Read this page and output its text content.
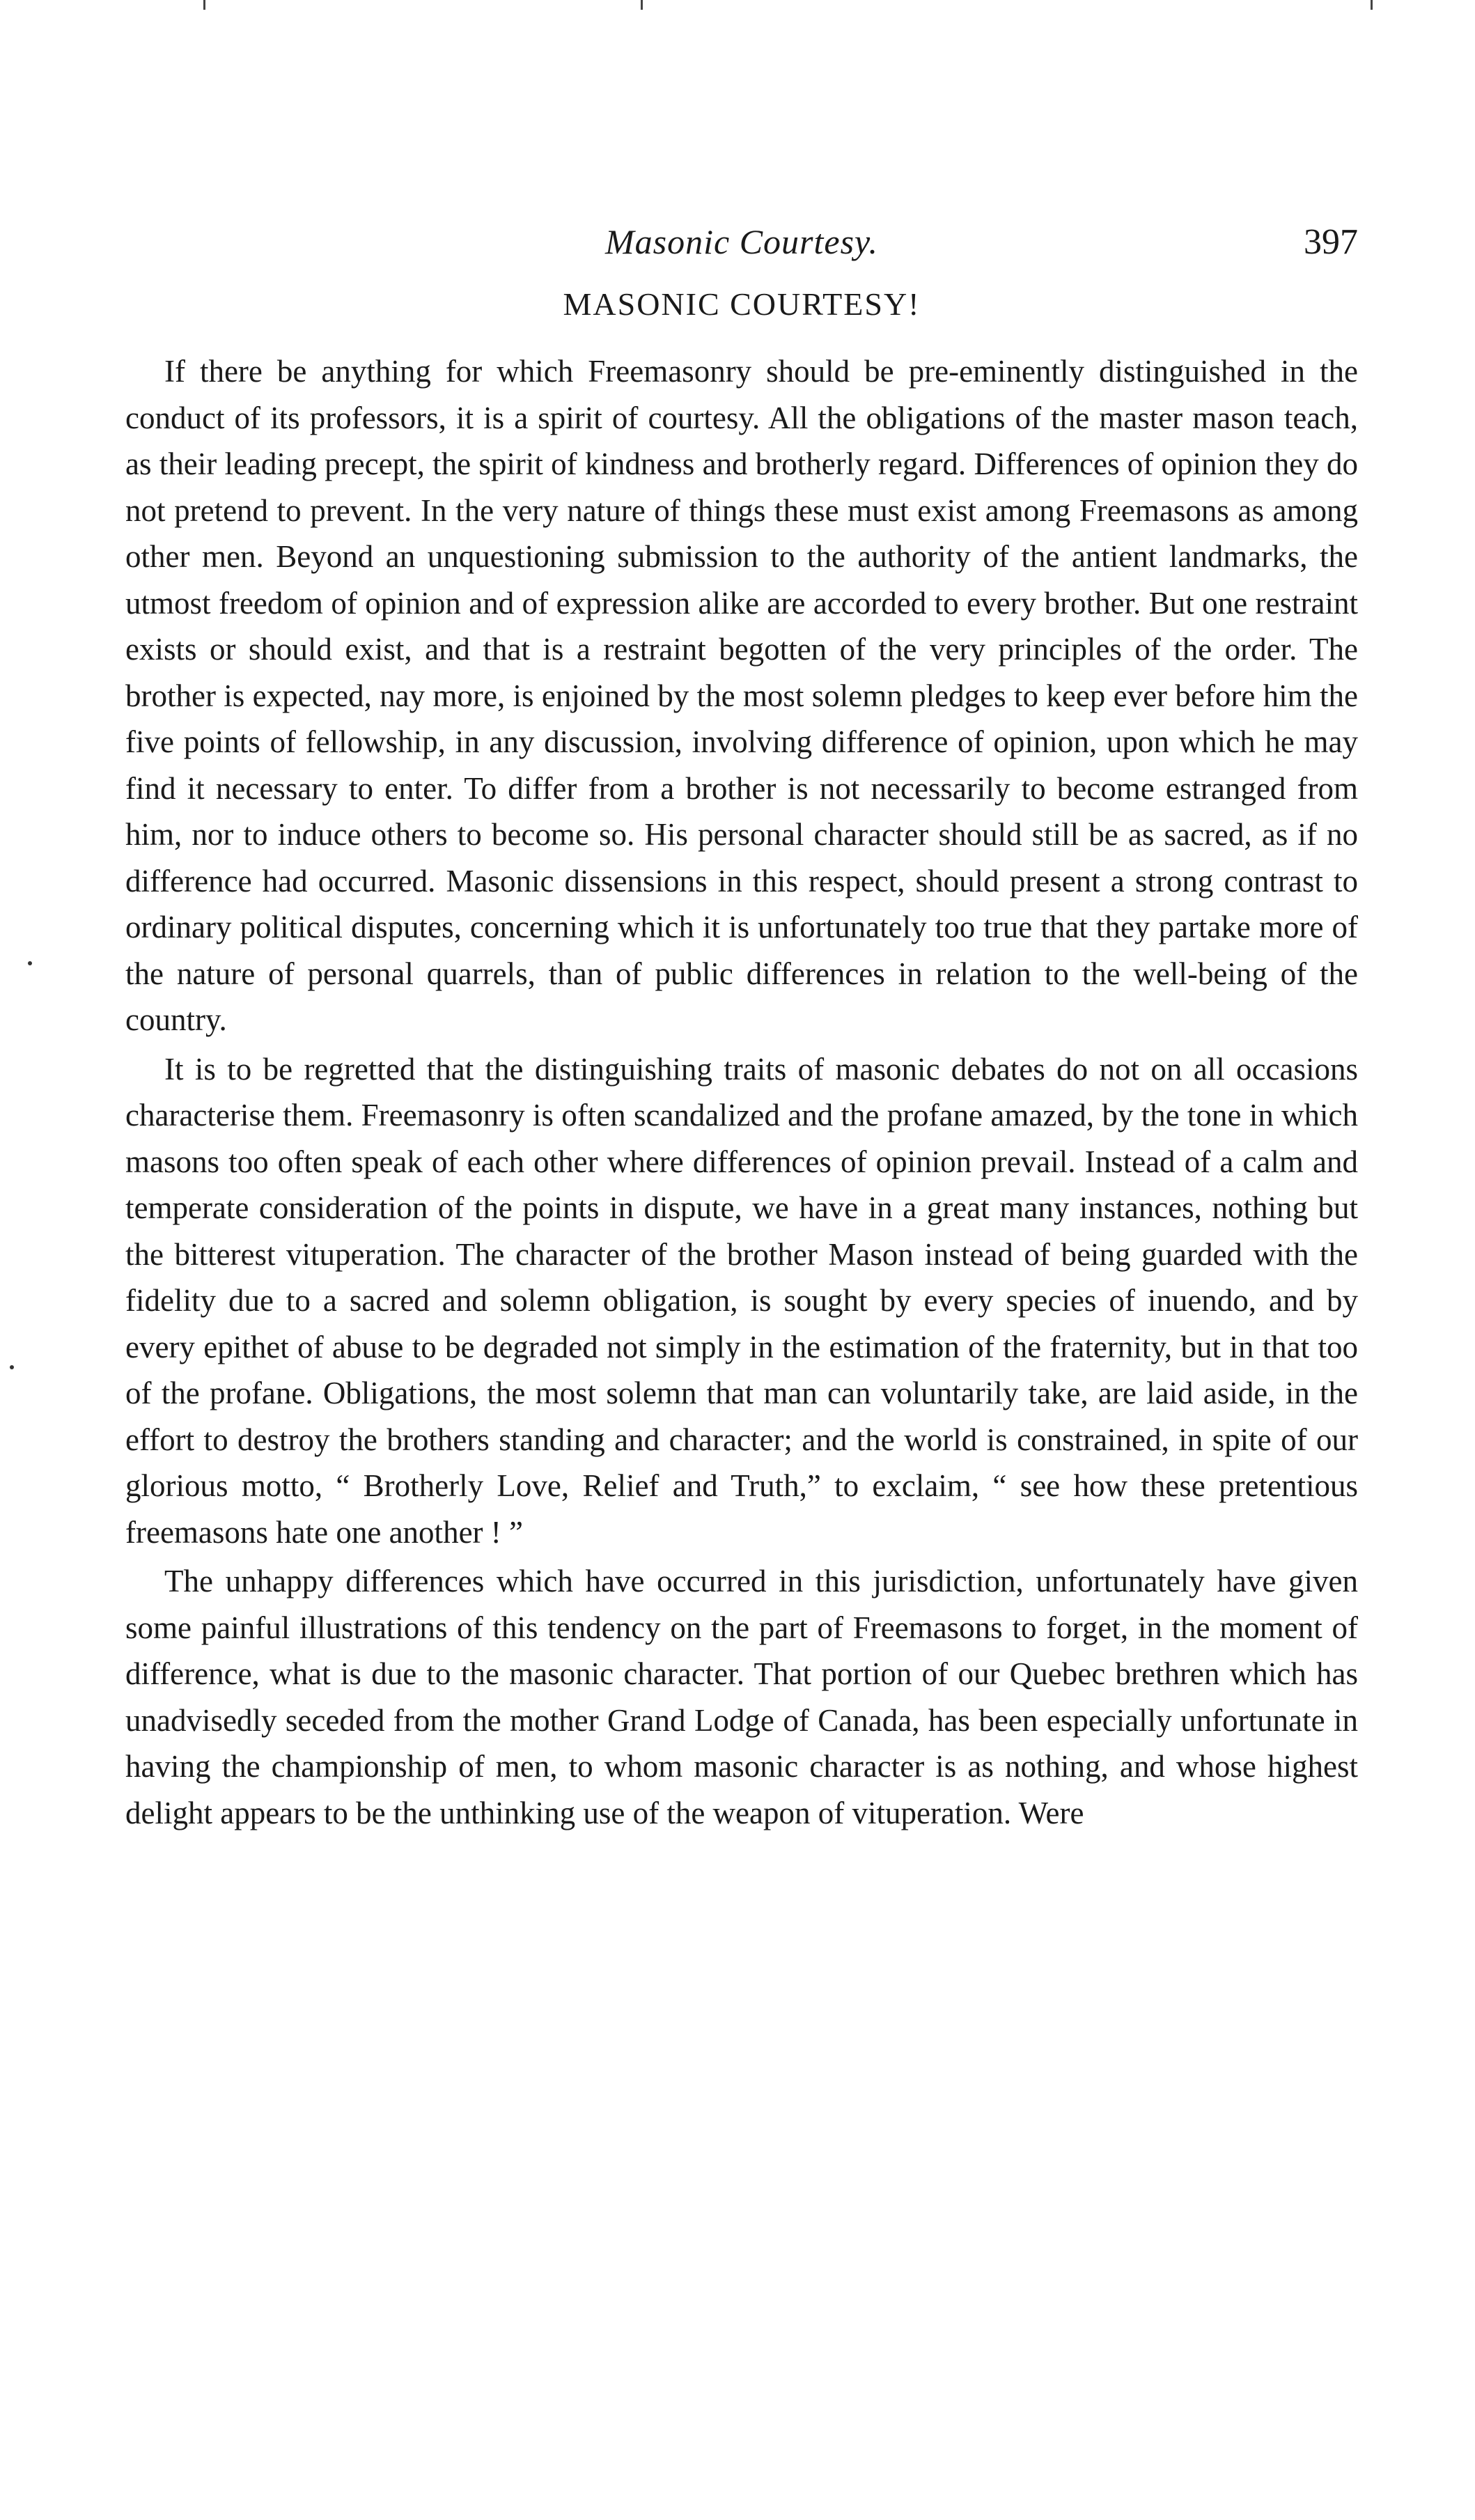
Masonic Courtesy.	397
MASONIC COURTESY!

If there be anything for which Freemasonry should be pre-eminently distinguished in the conduct of its professors, it is a spirit of courtesy. All the obligations of the master mason teach, as their leading precept, the spirit of kindness and brotherly regard. Differences of opinion they do not pretend to prevent. In the very nature of things these must exist among Freemasons as among other men. Beyond an unquestioning submission to the authority of the antient landmarks, the utmost freedom of opinion and of expression alike are accorded to every brother. But one restraint exists or should exist, and that is a restraint begotten of the very principles of the order. The brother is expected, nay more, is enjoined by the most solemn pledges to keep ever before him the five points of fellowship, in any discussion, involving difference of opinion, upon which he may find it necessary to enter. To differ from a brother is not necessarily to become estranged from him, nor to induce others to become so. His personal character should still be as sacred, as if no difference had occurred. Masonic dissensions in this respect, should present a strong contrast to ordinary political disputes, concerning which it is unfortunately too true that they partake more of the nature of personal quarrels, than of public differences in relation to the well-being of the country.

It is to be regretted that the distinguishing traits of masonic debates do not on all occasions characterise them. Freemasonry is often scandalized and the profane amazed, by the tone in which masons too often speak of each other where differences of opinion prevail. Instead of a calm and temperate consideration of the points in dispute, we have in a great many instances, nothing but the bitterest vituperation. The character of the brother Mason instead of being guarded with the fidelity due to a sacred and solemn obligation, is sought by every species of inuendo, and by every epithet of abuse to be degraded not simply in the estimation of the fraternity, but in that too of the profane. Obligations, the most solemn that man can voluntarily take, are laid aside, in the effort to destroy the brothers standing and character; and the world is constrained, in spite of our glorious motto, “ Brotherly Love, Relief and Truth,” to exclaim, “ see how these pretentious freemasons hate one another ! ”

The unhappy differences which have occurred in this jurisdiction, unfortunately have given some painful illustrations of this tendency on the part of Freemasons to forget, in the moment of difference, what is due to the masonic character. That portion of our Quebec brethren which has unadvisedly seceded from the mother Grand Lodge of Canada, has been especially unfortunate in having the championship of men, to whom masonic character is as nothing, and whose highest delight appears to be the unthinking use of the weapon of vituperation. Were
